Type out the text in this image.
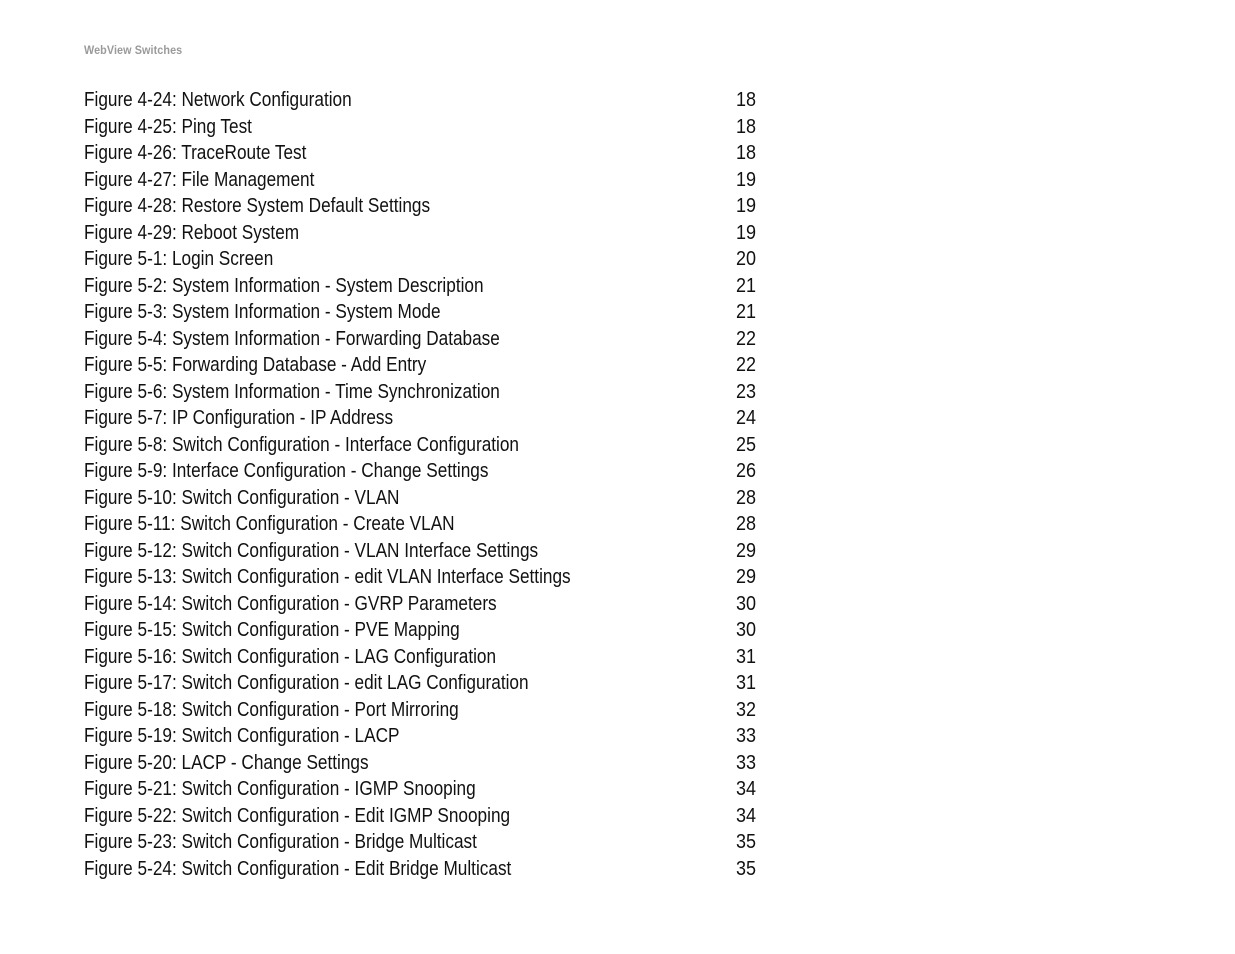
WebView Switches
Figure 4-24: Network Configuration	18
Figure 4-25: Ping Test	18
Figure 4-26: TraceRoute Test	18
Figure 4-27: File Management	19
Figure 4-28: Restore System Default Settings	19
Figure 4-29: Reboot System	19
Figure 5-1: Login Screen	20
Figure 5-2: System Information - System Description	21
Figure 5-3: System Information - System Mode	21
Figure 5-4: System Information - Forwarding Database	22
Figure 5-5: Forwarding Database - Add Entry	22
Figure 5-6: System Information - Time Synchronization	23
Figure 5-7: IP Configuration - IP Address	24
Figure 5-8: Switch Configuration - Interface Configuration	25
Figure 5-9: Interface Configuration - Change Settings	26
Figure 5-10: Switch Configuration - VLAN	28
Figure 5-11: Switch Configuration - Create VLAN	28
Figure 5-12: Switch Configuration - VLAN Interface Settings	29
Figure 5-13: Switch Configuration - edit VLAN Interface Settings	29
Figure 5-14: Switch Configuration - GVRP Parameters	30
Figure 5-15: Switch Configuration - PVE Mapping	30
Figure 5-16: Switch Configuration - LAG Configuration	31
Figure 5-17: Switch Configuration - edit LAG Configuration	31
Figure 5-18: Switch Configuration - Port Mirroring	32
Figure 5-19: Switch Configuration - LACP	33
Figure 5-20: LACP - Change Settings	33
Figure 5-21: Switch Configuration - IGMP Snooping	34
Figure 5-22: Switch Configuration - Edit IGMP Snooping	34
Figure 5-23: Switch Configuration - Bridge Multicast	35
Figure 5-24: Switch Configuration - Edit Bridge Multicast	35
